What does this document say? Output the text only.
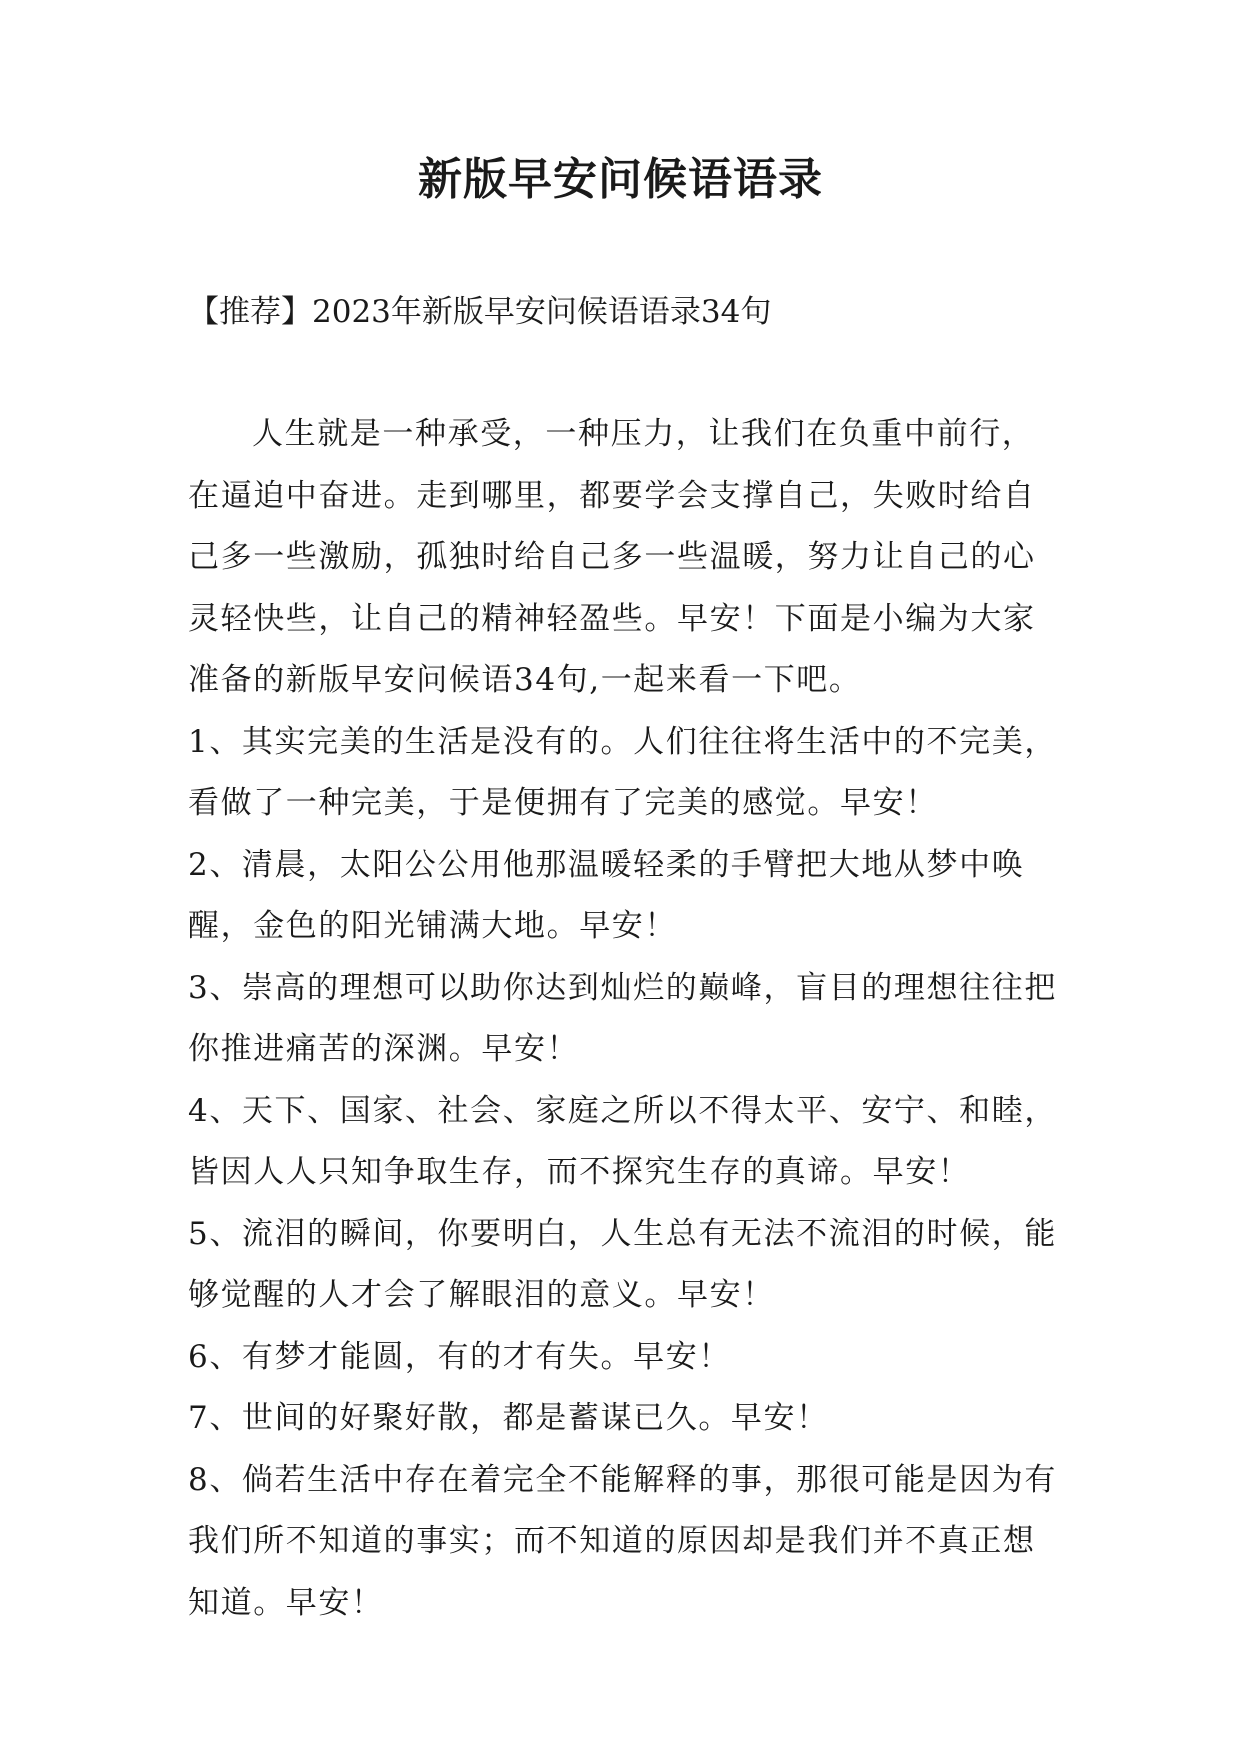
新版早安问候语语录
【推荐】2023年新版早安问候语语录34句

人生就是一种承受，一种压力，让我们在负重中前行，在逼迫中奋进。走到哪里，都要学会支撑自己，失败时给自己多一些激励，孤独时给自己多一些温暖，努力让自己的心灵轻快些，让自己的精神轻盈些。早安！下面是小编为大家准备的新版早安问候语34句,一起来看一下吧。

1、其实完美的生活是没有的。人们往往将生活中的不完美，看做了一种完美，于是便拥有了完美的感觉。早安！

2、清晨，太阳公公用他那温暖轻柔的手臂把大地从梦中唤醒，金色的阳光铺满大地。早安！

3、崇高的理想可以助你达到灿烂的巅峰，盲目的理想往往把你推进痛苦的深渊。早安！

4、天下、国家、社会、家庭之所以不得太平、安宁、和睦，皆因人人只知争取生存，而不探究生存的真谛。早安！

5、流泪的瞬间，你要明白，人生总有无法不流泪的时候，能够觉醒的人才会了解眼泪的意义。早安！

6、有梦才能圆，有的才有失。早安！

7、世间的好聚好散，都是蓄谋已久。早安！

8、倘若生活中存在着完全不能解释的事，那很可能是因为有我们所不知道的事实；而不知道的原因却是我们并不真正想知道。早安！
